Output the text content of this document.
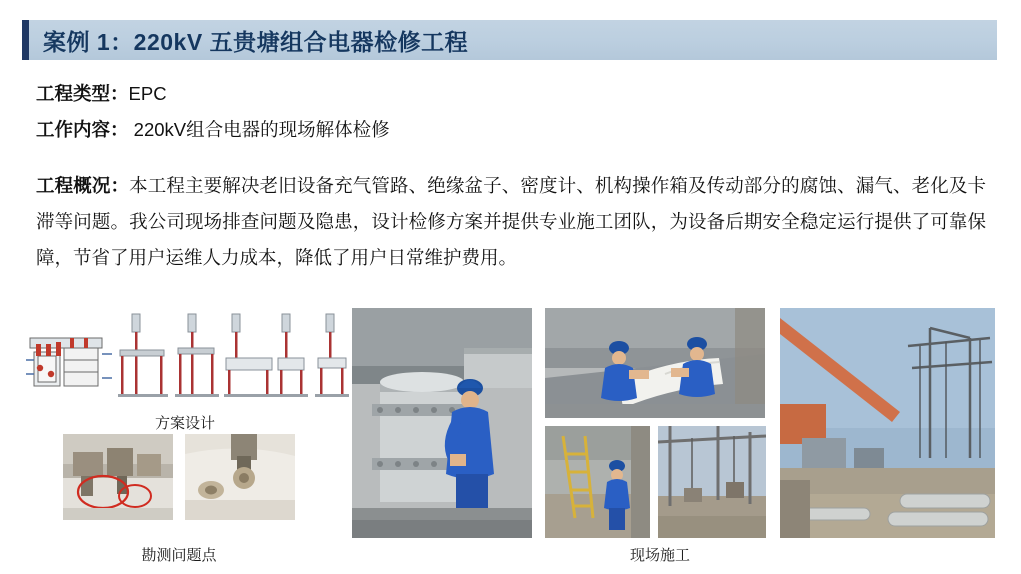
案例 1：220kV 五贵塘组合电器检修工程
工程类型：EPC
工作内容： 220kV组合电器的现场解体检修
工程概况：本工程主要解决老旧设备充气管路、绝缘盆子、密度计、机构操作箱及传动部分的腐蚀、漏气、老化及卡滞等问题。我公司现场排查问题及隐患，设计检修方案并提供专业施工团队，为设备后期安全稳定运行提供了可靠保障，节省了用户运维人力成本，降低了用户日常维护费用。
方案设计
勘测问题点	现场施工
